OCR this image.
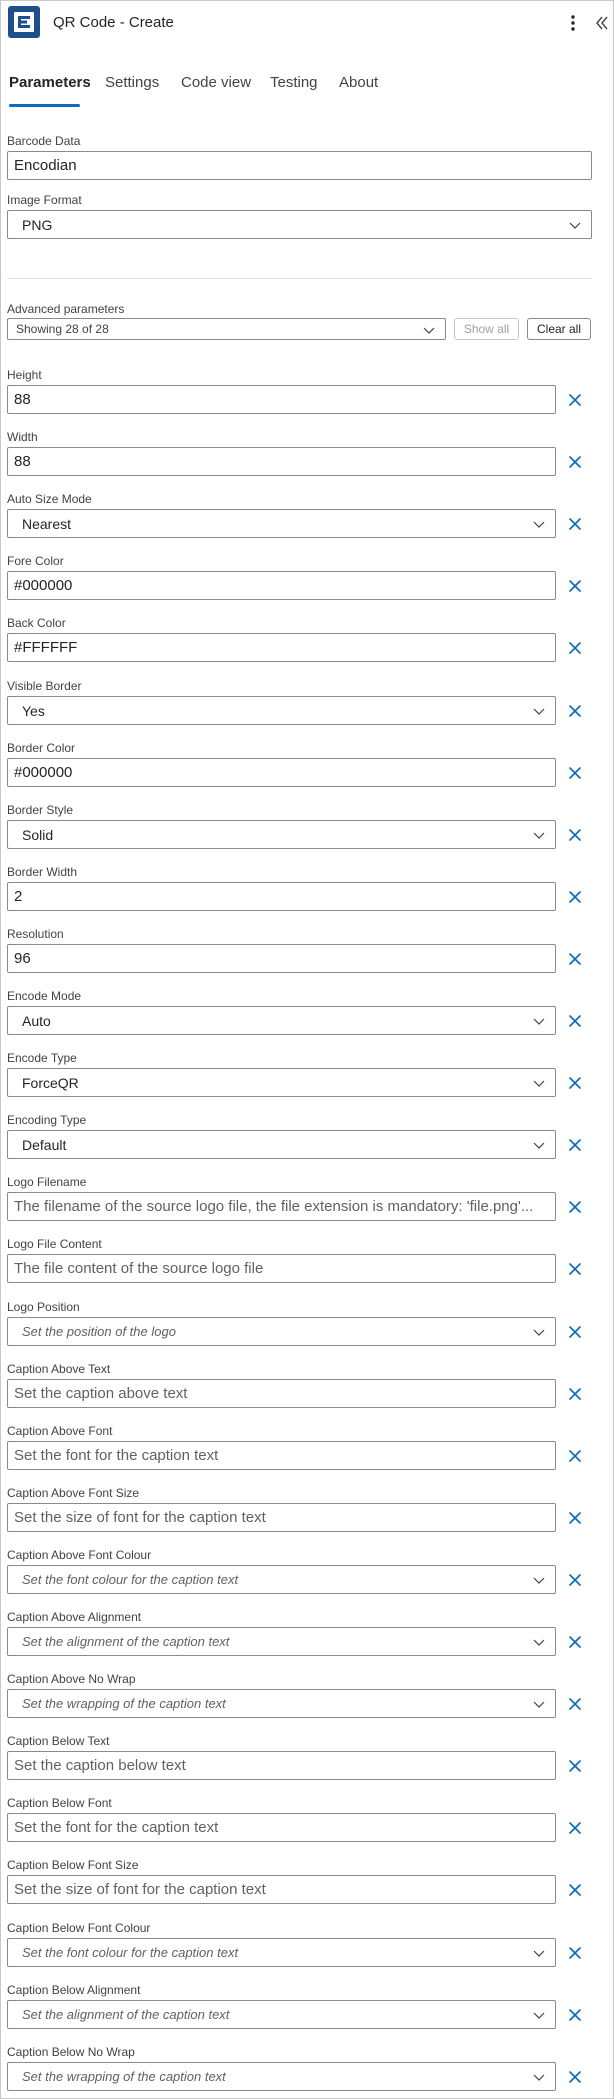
QR Code - Create
Parameters Settings Code view Testing About
Barcode Data
Encodian
Image Format
PNG
Advanced parameters
Showing 28 of 28	Show all	Clear all
Height
88
Width
88
Auto Size Mode
Nearest
Fore Color
#000000
Back Color
#FFFFFF
Visible Border
Yes
Border Color
#000000
Border Style
Solid
Border Width
2
Resolution
96
Encode Mode
Auto
Encode Type
ForceQR
Encoding Type
Default
Logo Filename
The filename of the source logo file, the file extension is mandatory: 'file.png'...
Logo File Content
The file content of the source logo file
Logo Position
Set the position of the logo
Caption Above Text
Set the caption above text
Caption Above Font
Set the font for the caption text
Caption Above Font Size
Set the size of font for the caption text
Caption Above Font Colour
Set the font colour for the caption text
Caption Above Alignment
Set the alignment of the caption text
Caption Above No Wrap
Set the wrapping of the caption text
Caption Below Text
Set the caption below text
Caption Below Font
Set the font for the caption text
Caption Below Font Size
Set the size of font for the caption text
Caption Below Font Colour
Set the font colour for the caption text
Caption Below Alignment
Set the alignment of the caption text
Caption Below No Wrap
Set the wrapping of the caption text
